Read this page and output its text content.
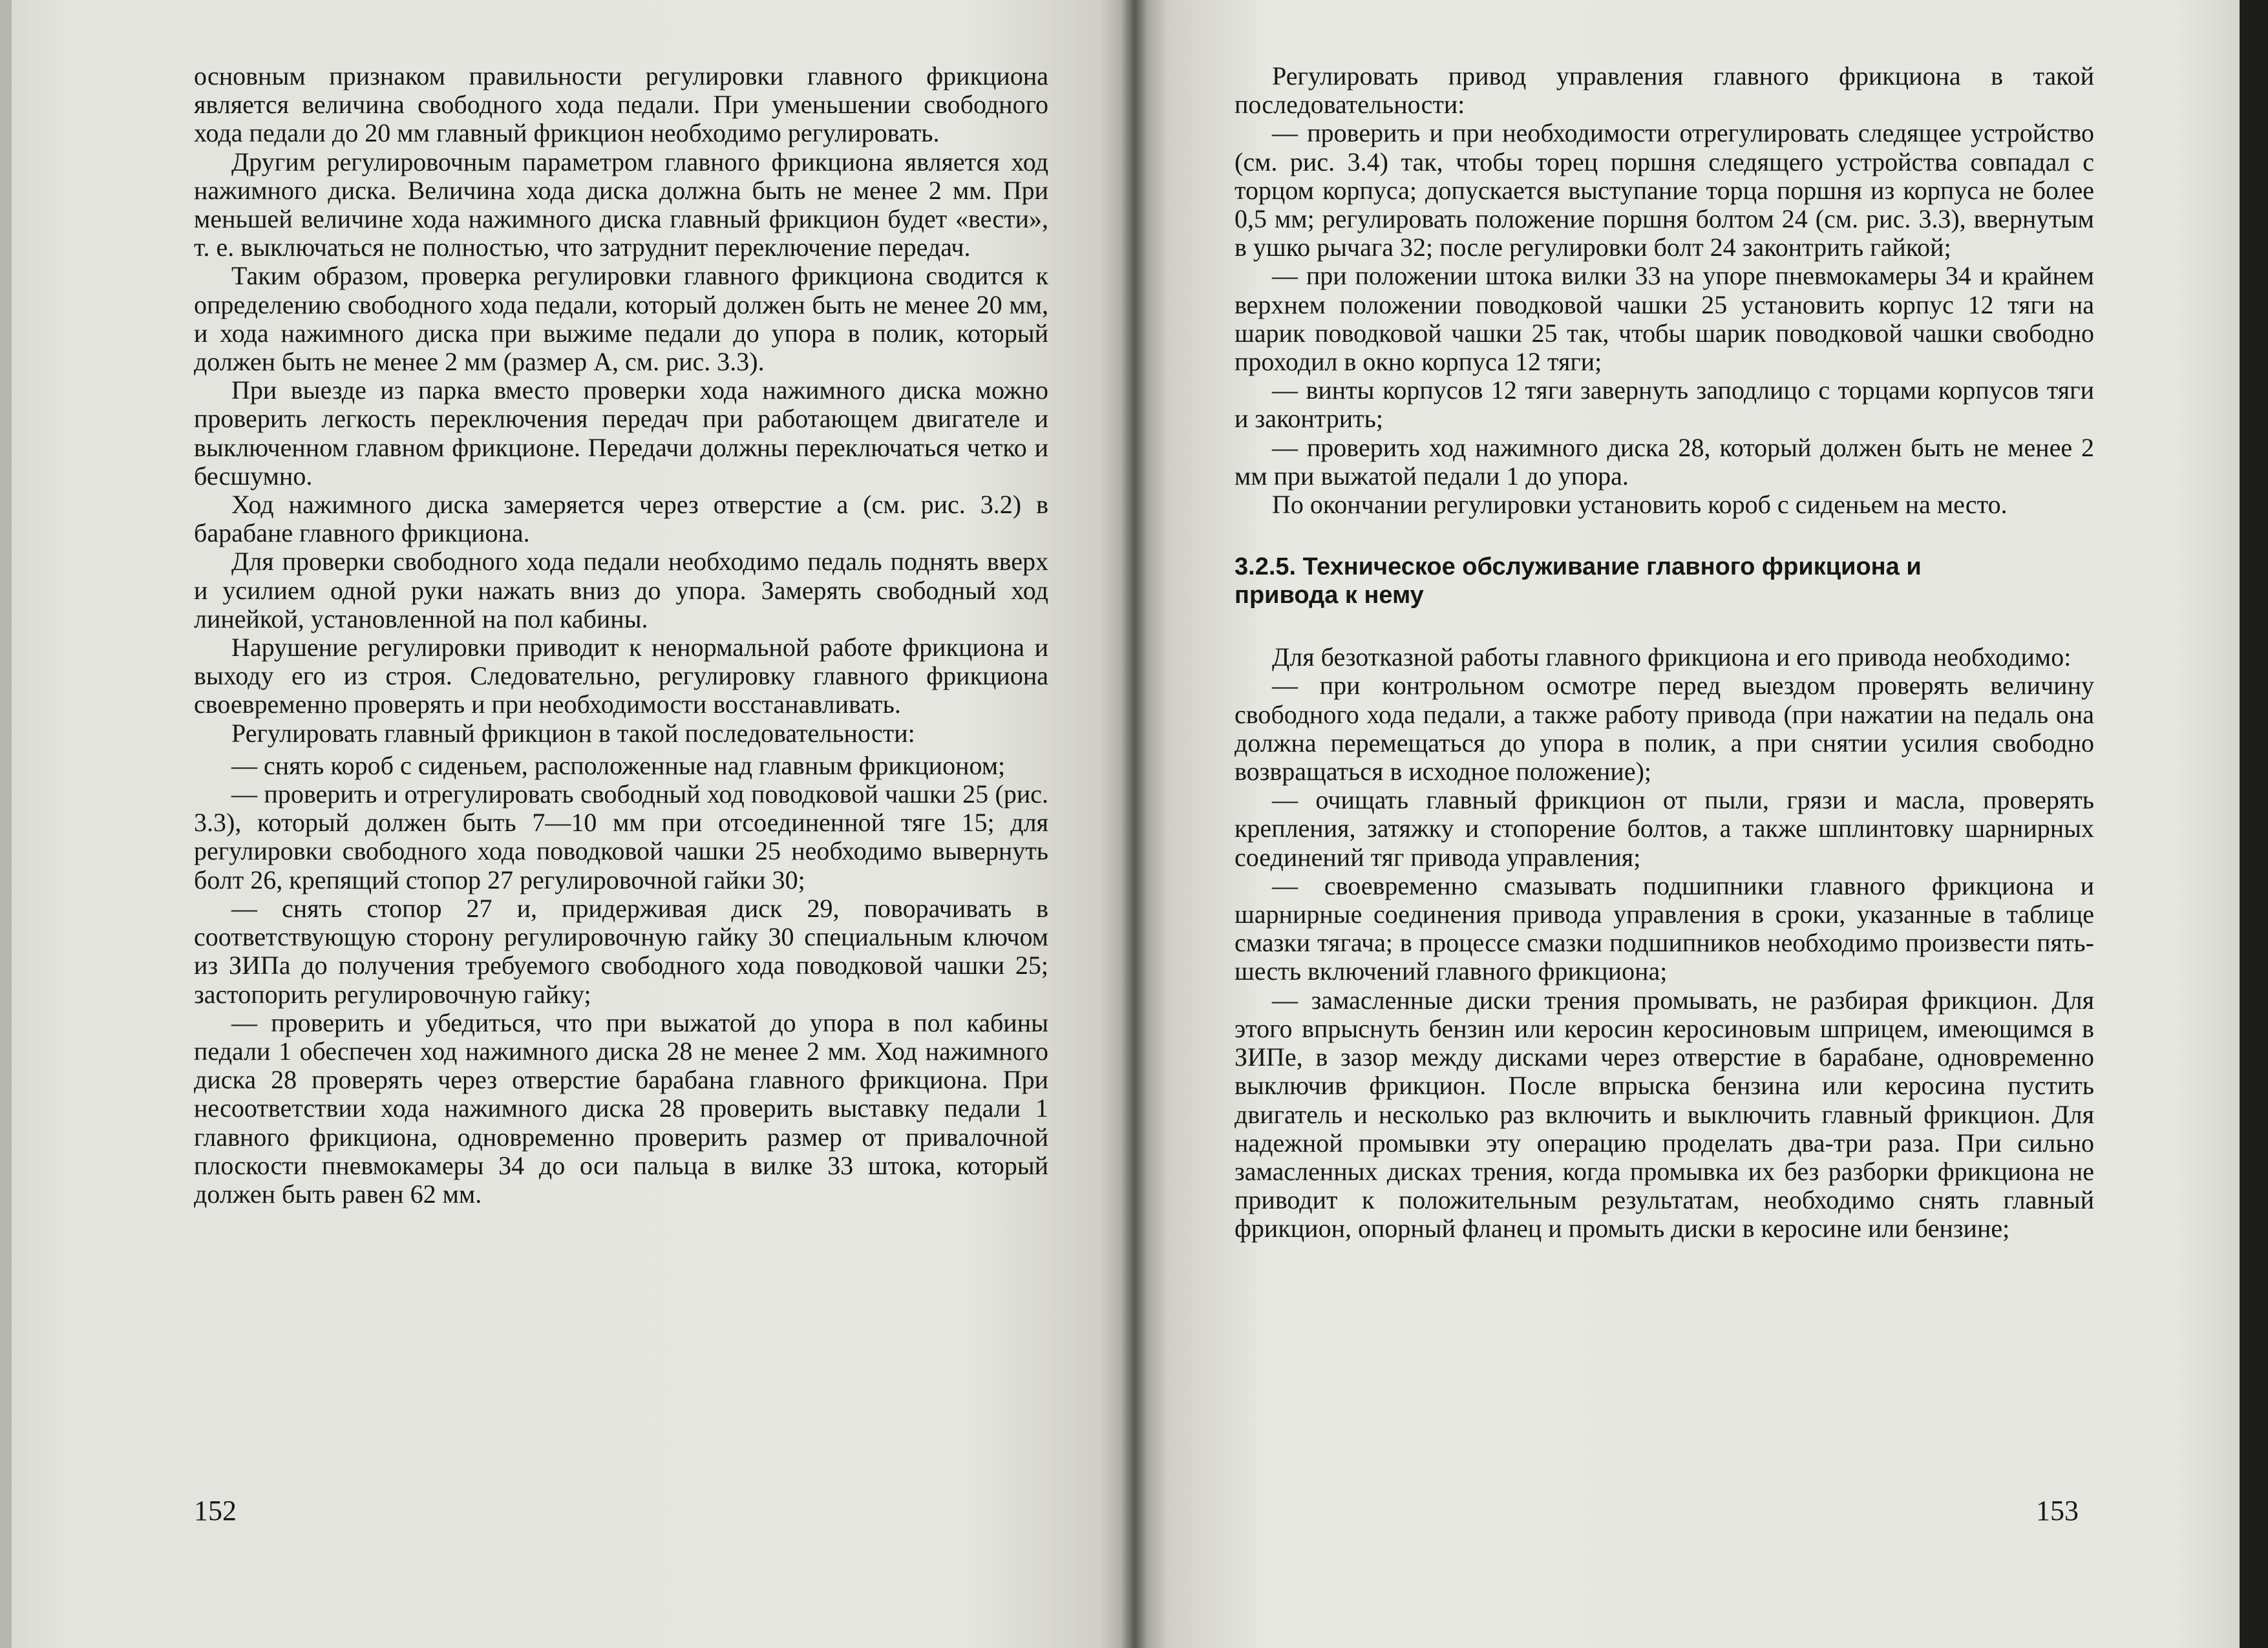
основным признаком правильности регулировки главного фрикциона является величина свободного хода педали. При уменьшении свободного хода педали до 20 мм главный фрикцион необходимо регулировать.

Другим регулировочным параметром главного фрикциона является ход нажимного диска. Величина хода диска должна быть не менее 2 мм. При меньшей величине хода нажимного диска главный фрикцион будет «вести», т. е. выключаться не полностью, что затруднит переключение передач.

Таким образом, проверка регулировки главного фрикциона сводится к определению свободного хода педали, который должен быть не менее 20 мм, и хода нажимного диска при выжиме педали до упора в полик, который должен быть не менее 2 мм (размер А, см. рис. 3.3).

При выезде из парка вместо проверки хода нажимного диска можно проверить легкость переключения передач при работающем двигателе и выключенном главном фрикционе. Передачи должны переключаться четко и бесшумно.

Ход нажимного диска замеряется через отверстие а (см. рис. 3.2) в барабане главного фрикциона.

Для проверки свободного хода педали необходимо педаль поднять вверх и усилием одной руки нажать вниз до упора. Замерять свободный ход линейкой, установленной на пол кабины.

Нарушение регулировки приводит к ненормальной работе фрикциона и выходу его из строя. Следовательно, регулировку главного фрикциона своевременно проверять и при необходимости восстанавливать.

Регулировать главный фрикцион в такой последовательности:

— снять короб с сиденьем, расположенные над главным фрикционом;

— проверить и отрегулировать свободный ход поводковой чашки 25 (рис. 3.3), который должен быть 7—10 мм при отсоединенной тяге 15; для регулировки свободного хода поводковой чашки 25 необходимо вывернуть болт 26, крепящий стопор 27 регулировочной гайки 30;

— снять стопор 27 и, придерживая диск 29, поворачивать в соответствующую сторону регулировочную гайку 30 специальным ключом из ЗИПа до получения требуемого свободного хода поводковой чашки 25; застопорить регулировочную гайку;

— проверить и убедиться, что при выжатой до упора в пол кабины педали 1 обеспечен ход нажимного диска 28 не менее 2 мм. Ход нажимного диска 28 проверять через отверстие барабана главного фрикциона. При несоответствии хода нажимного диска 28 проверить выставку педали 1 главного фрикциона, одновременно проверить размер от привалочной плоскости пневмокамеры 34 до оси пальца в вилке 33 штока, который должен быть равен 62 мм.

152

Регулировать привод управления главного фрикциона в такой последовательности:

— проверить и при необходимости отрегулировать следящее устройство (см. рис. 3.4) так, чтобы торец поршня следящего устройства совпадал с торцом корпуса; допускается выступание торца поршня из корпуса не более 0,5 мм; регулировать положение поршня болтом 24 (см. рис. 3.3), ввернутым в ушко рычага 32; после регулировки болт 24 законтрить гайкой;

— при положении штока вилки 33 на упоре пневмокамеры 34 и крайнем верхнем положении поводковой чашки 25 установить корпус 12 тяги на шарик поводковой чашки 25 так, чтобы шарик поводковой чашки свободно проходил в окно корпуса 12 тяги;

— винты корпусов 12 тяги завернуть заподлицо с торцами корпусов тяги и законтрить;

— проверить ход нажимного диска 28, который должен быть не менее 2 мм при выжатой педали 1 до упора.

По окончании регулировки установить короб с сиденьем на место.

3.2.5. Техническое обслуживание главного фрикциона и привода к нему

Для безотказной работы главного фрикциона и его привода необходимо:

— при контрольном осмотре перед выездом проверять величину свободного хода педали, а также работу привода (при нажатии на педаль она должна перемещаться до упора в полик, а при снятии усилия свободно возвращаться в исходное положение);

— очищать главный фрикцион от пыли, грязи и масла, проверять крепления, затяжку и стопорение болтов, а также шплинтовку шарнирных соединений тяг привода управления;

— своевременно смазывать подшипники главного фрикциона и шарнирные соединения привода управления в сроки, указанные в таблице смазки тягача; в процессе смазки подшипников необходимо произвести пять-шесть включений главного фрикциона;

— замасленные диски трения промывать, не разбирая фрикцион. Для этого впрыснуть бензин или керосин керосиновым шприцем, имеющимся в ЗИПе, в зазор между дисками через отверстие в барабане, одновременно выключив фрикцион. После впрыска бензина или керосина пустить двигатель и несколько раз включить и выключить главный фрикцион. Для надежной промывки эту операцию проделать два-три раза. При сильно замасленных дисках трения, когда промывка их без разборки фрикциона не приводит к положительным результатам, необходимо снять главный фрикцион, опорный фланец и промыть диски в керосине или бензине;

153
